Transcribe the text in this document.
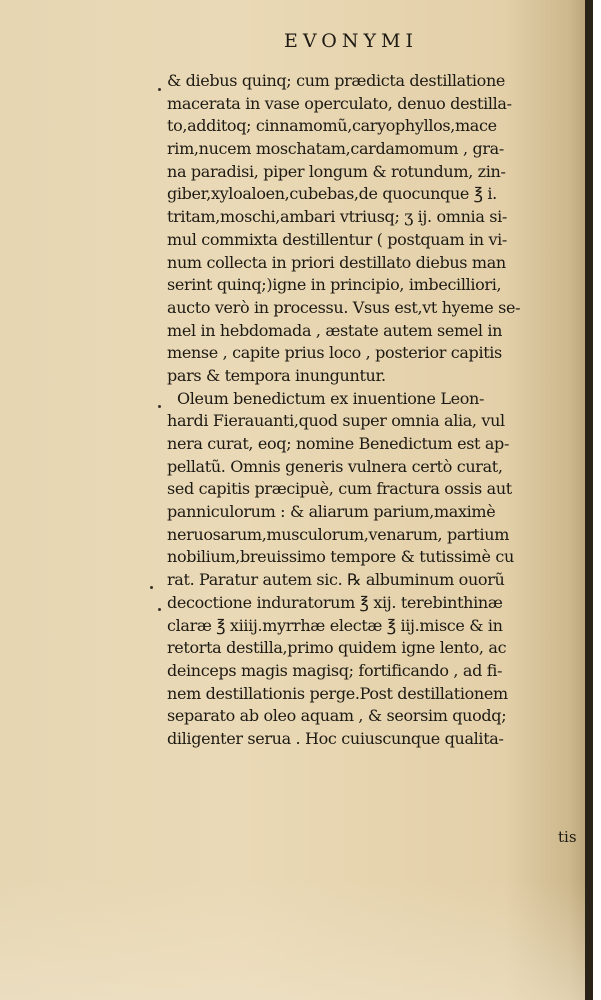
EVONYMI
& diebus quinq; cum prædicta destillatione
macerata in vase operculato, denuo destilla-
to,additoq; cinnamomũ,caryophyllos,mace
rim,nucem moschatam,cardamomum , gra-
na paradisi, piper longum & rotundum, zin-
giber,xyloaloen,cubebas,de quocunque ℥ i.
tritam,moschi,ambari vtriusq; ʒ ij. omnia si-
mul commixta destillentur ( postquam in vi-
num collecta in priori destillato diebus man
serint quinq;)igne in principio, imbecilliori,
aucto verò in processu. Vsus est,vt hyeme se-
mel in hebdomada , æstate autem semel in
mense , capite prius loco , posterior capitis
pars & tempora inunguntur.
Oleum benedictum ex inuentione Leon-
hardi Fierauanti,quod super omnia alia, vul
nera curat, eoq; nomine Benedictum est ap-
pellatũ. Omnis generis vulnera certò curat,
sed capitis præcipuè, cum fractura ossis aut
panniculorum : & aliarum parium,maximè
neruosarum,musculorum,venarum, partium
nobilium,breuissimo tempore & tutissimè cu
rat. Paratur autem sic. ℞ albuminum ouorũ
decoctione induratorum ℥ xij. terebinthinæ
claræ ℥ xiiij.myrrhæ electæ ℥ iij.misce & in
retorta destilla,primo quidem igne lento, ac
deinceps magis magisq; fortificando , ad fi-
nem destillationis perge.Post destillationem
separato ab oleo aquam , & seorsim quodq;
diligenter serua . Hoc cuiuscunque qualita-
tis
